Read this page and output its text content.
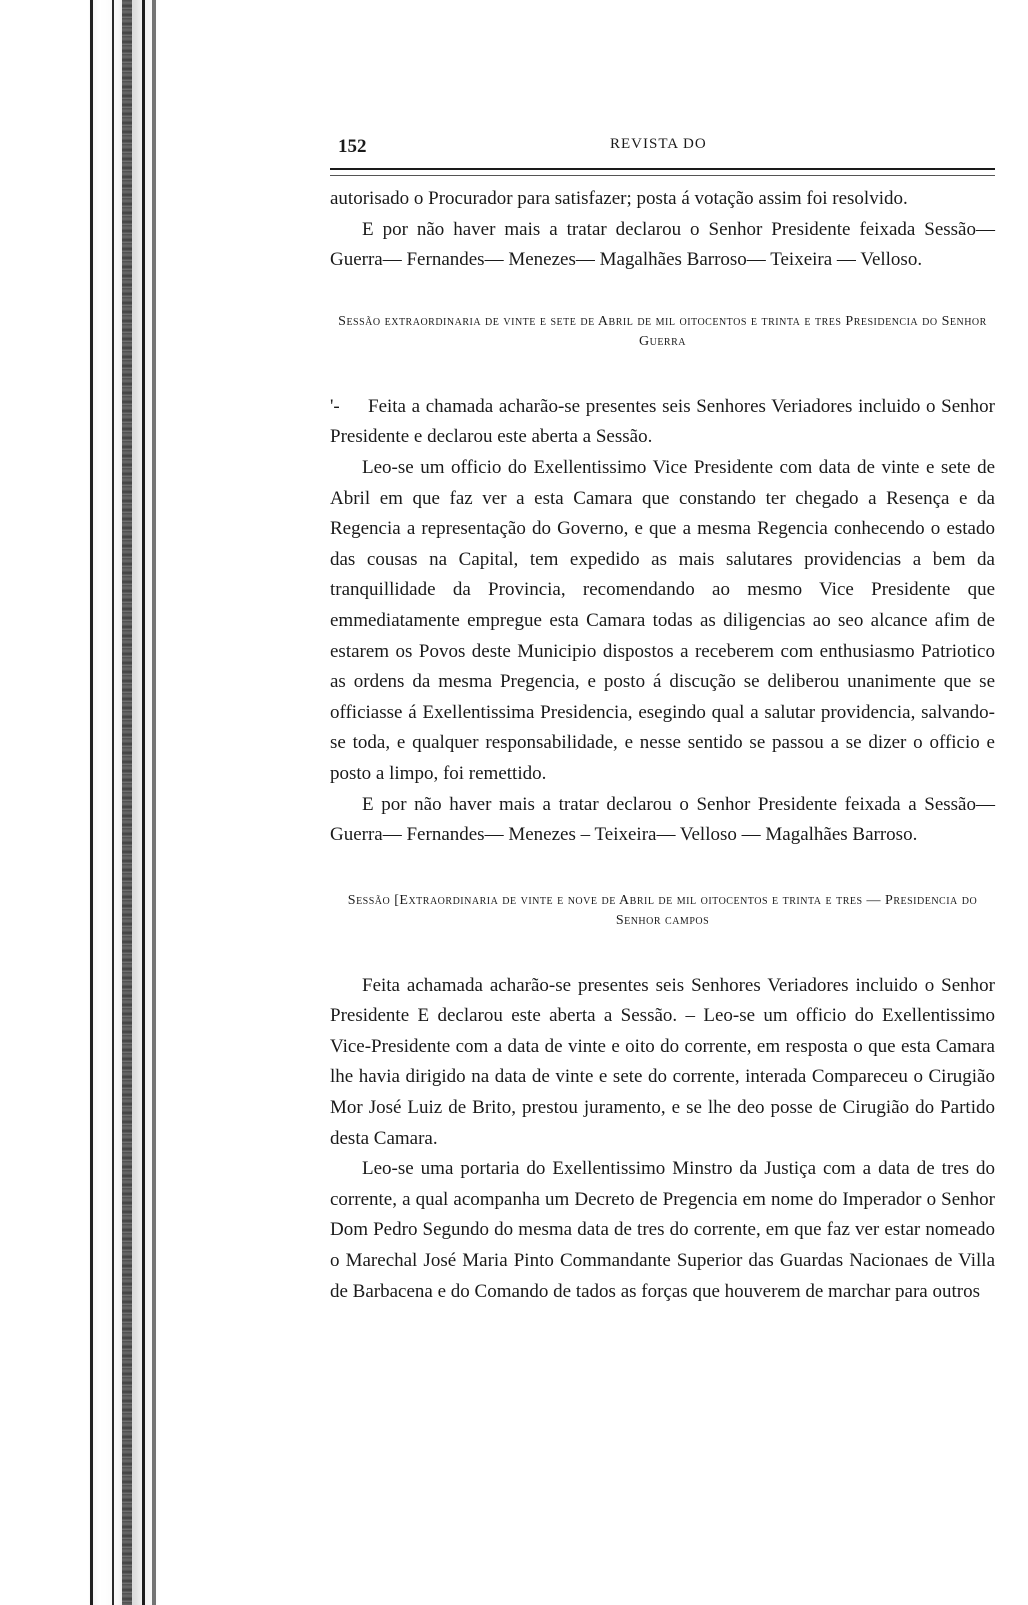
152	REVISTA DO

autorisado o Procurador para satisfazer; posta á votação assim foi resolvido.

E por não haver mais a tratar declarou o Senhor Presidente feixada Sessão— Guerra— Fernandes— Menezes— Magalhães Barroso— Teixeira — Velloso.

Sessão extraordinaria de vinte e sete de Abril de mil oitocentos e trinta e tres Presidencia do Senhor Guerra

'- Feita a chamada acharão-se presentes seis Senhores Veriadores incluido o Senhor Presidente e declarou este aberta a Sessão.

Leo-se um officio do Exellentissimo Vice Presidente com data de vinte e sete de Abril em que faz ver a esta Camara que constando ter chegado a Resença e da Regencia a representação do Governo, e que a mesma Regencia conhecendo o estado das cousas na Capital, tem expedido as mais salutares providencias a bem da tranquillidade da Provincia, recomendando ao mesmo Vice Presidente que emmediatamente empregue esta Camara todas as diligencias ao seo alcance afim de estarem os Povos deste Municipio dispostos a receberem com enthusiasmo Patriotico as ordens da mesma Pregencia, e posto á discução se deliberou unanimente que se officiasse á Exellentissima Presidencia, esegindo qual a salutar providencia, salvando-se toda, e qualquer responsabilidade, e nesse sentido se passou a se dizer o officio e posto a limpo, foi remettido.

E por não haver mais a tratar declarou o Senhor Presidente feixada a Sessão— Guerra— Fernandes— Menezes – Teixeira— Velloso — Magalhães Barroso.

Sessão [Extraordinaria de vinte e nove de Abril de mil oitocentos e trinta e tres — Presidencia do Senhor campos

Feita achamada acharão-se presentes seis Senhores Veriadores incluido o Senhor Presidente E declarou este aberta a Sessão. – Leo-se um officio do Exellentissimo Vice-Presidente com a data de vinte e oito do corrente, em resposta o que esta Camara lhe havia dirigido na data de vinte e sete do corrente, interada Compareceu o Cirugião Mor José Luiz de Brito, prestou juramento, e se lhe deo posse de Cirugião do Partido desta Camara.

Leo-se uma portaria do Exellentissimo Minstro da Justiça com a data de tres do corrente, a qual acompanha um Decreto de Pregencia em nome do Imperador o Senhor Dom Pedro Segundo do mesma data de tres do corrente, em que faz ver estar nomeado o Marechal José Maria Pinto Commandante Superior das Guardas Nacionaes de Villa de Barbacena e do Comando de tados as forças que houverem de marchar para outros
